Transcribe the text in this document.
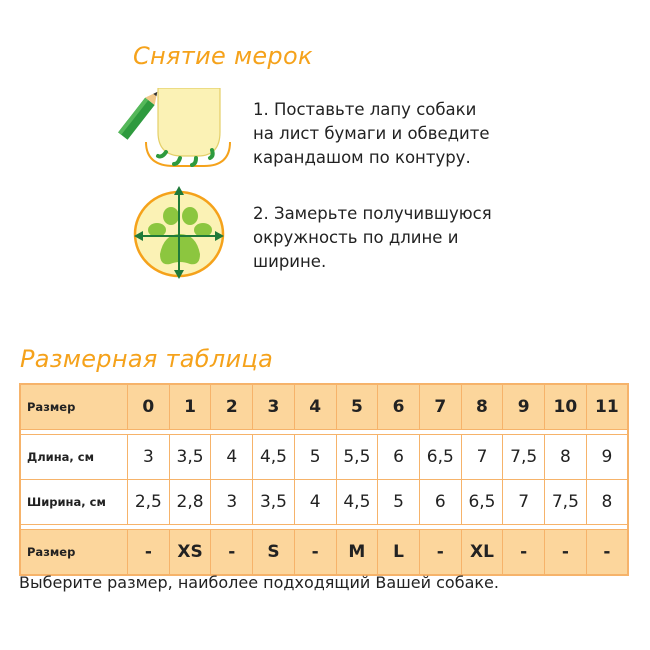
Снятие мерок
1. Поставьте лапу собаки
на лист бумаги и обведите
карандашом по контуру.
2. Замерьте получившуюся
окружность по длине и
ширине.
Размерная таблица
Размер	0	1	2	3	4	5	6	7	8	9	10	11

Длина, см	3	3,5	4	4,5	5	5,5	6	6,5	7	7,5	8	9
Ширина, см	2,5	2,8	3	3,5	4	4,5	5	6	6,5	7	7,5	8

Размер	-	XS	-	S	-	M	L	-	XL	-	-	-
Выберите размер, наиболее подходящий Вашей собаке.
